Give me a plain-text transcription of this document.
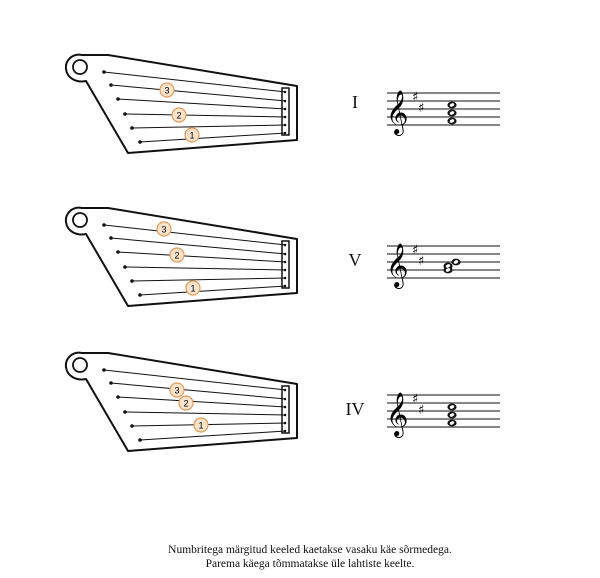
3
2
1
I 𝄞 ♯
♯
3
2
1
V 𝄞 ♯
♯
3
2
1
IV 𝄞 ♯
♯
Numbritega märgitud keeled kaetakse vasaku käe sõrmedega.
Parema käega tõmmatakse üle lahtiste keelte.
